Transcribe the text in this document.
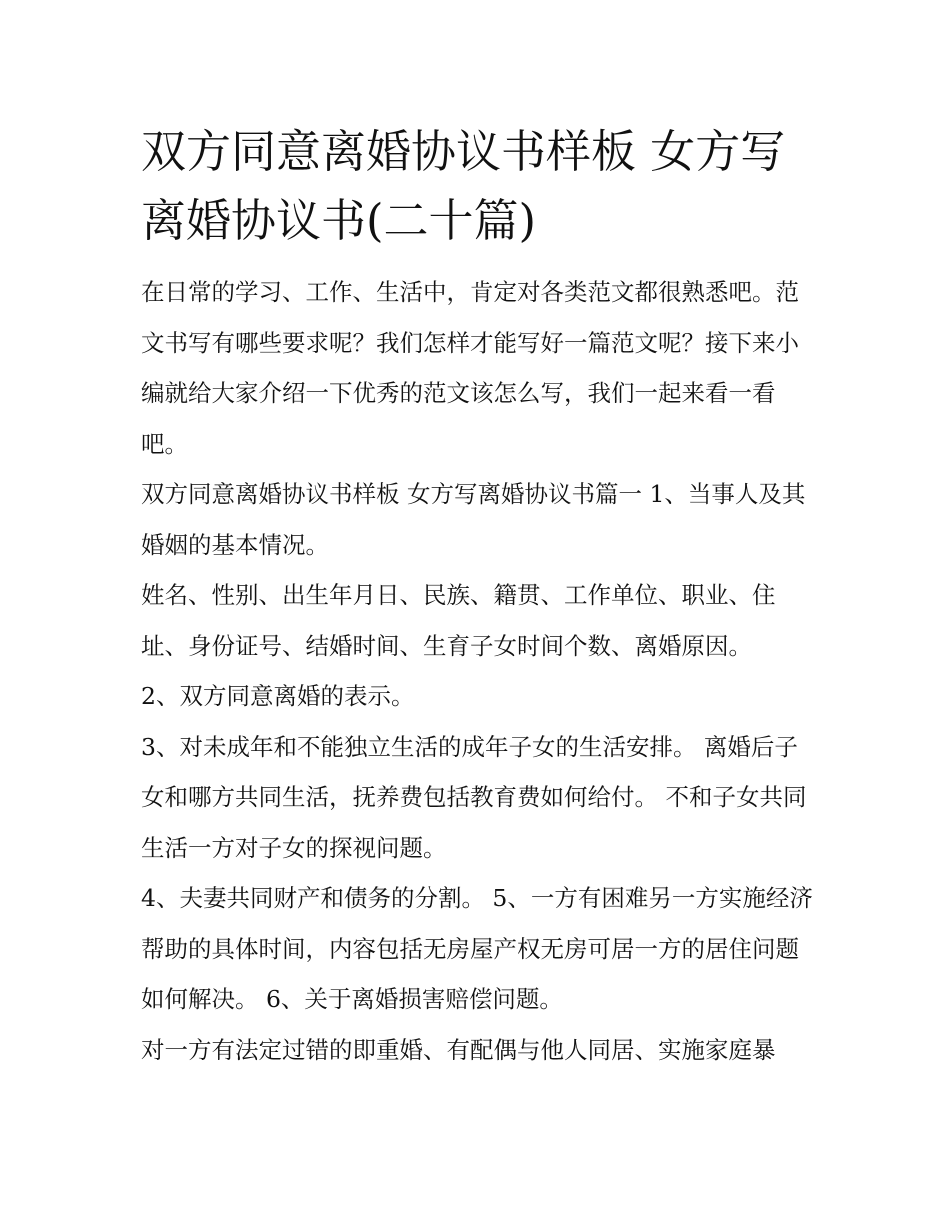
双方同意离婚协议书样板 女方写离婚协议书(二十篇)

在日常的学习、工作、生活中，肯定对各类范文都很熟悉吧。范文书写有哪些要求呢？我们怎样才能写好一篇范文呢？接下来小编就给大家介绍一下优秀的范文该怎么写，我们一起来看一看吧。

双方同意离婚协议书样板 女方写离婚协议书篇一 1、当事人及其婚姻的基本情况。

姓名、性别、出生年月日、民族、籍贯、工作单位、职业、住址、身份证号、结婚时间、生育子女时间个数、离婚原因。

2、双方同意离婚的表示。

3、对未成年和不能独立生活的成年子女的生活安排。 离婚后子女和哪方共同生活，抚养费包括教育费如何给付。 不和子女共同生活一方对子女的探视问题。

4、夫妻共同财产和债务的分割。 5、一方有困难另一方实施经济帮助的具体时间，内容包括无房屋产权无房可居一方的居住问题如何解决。 6、关于离婚损害赔偿问题。

对一方有法定过错的即重婚、有配偶与他人同居、实施家庭暴
